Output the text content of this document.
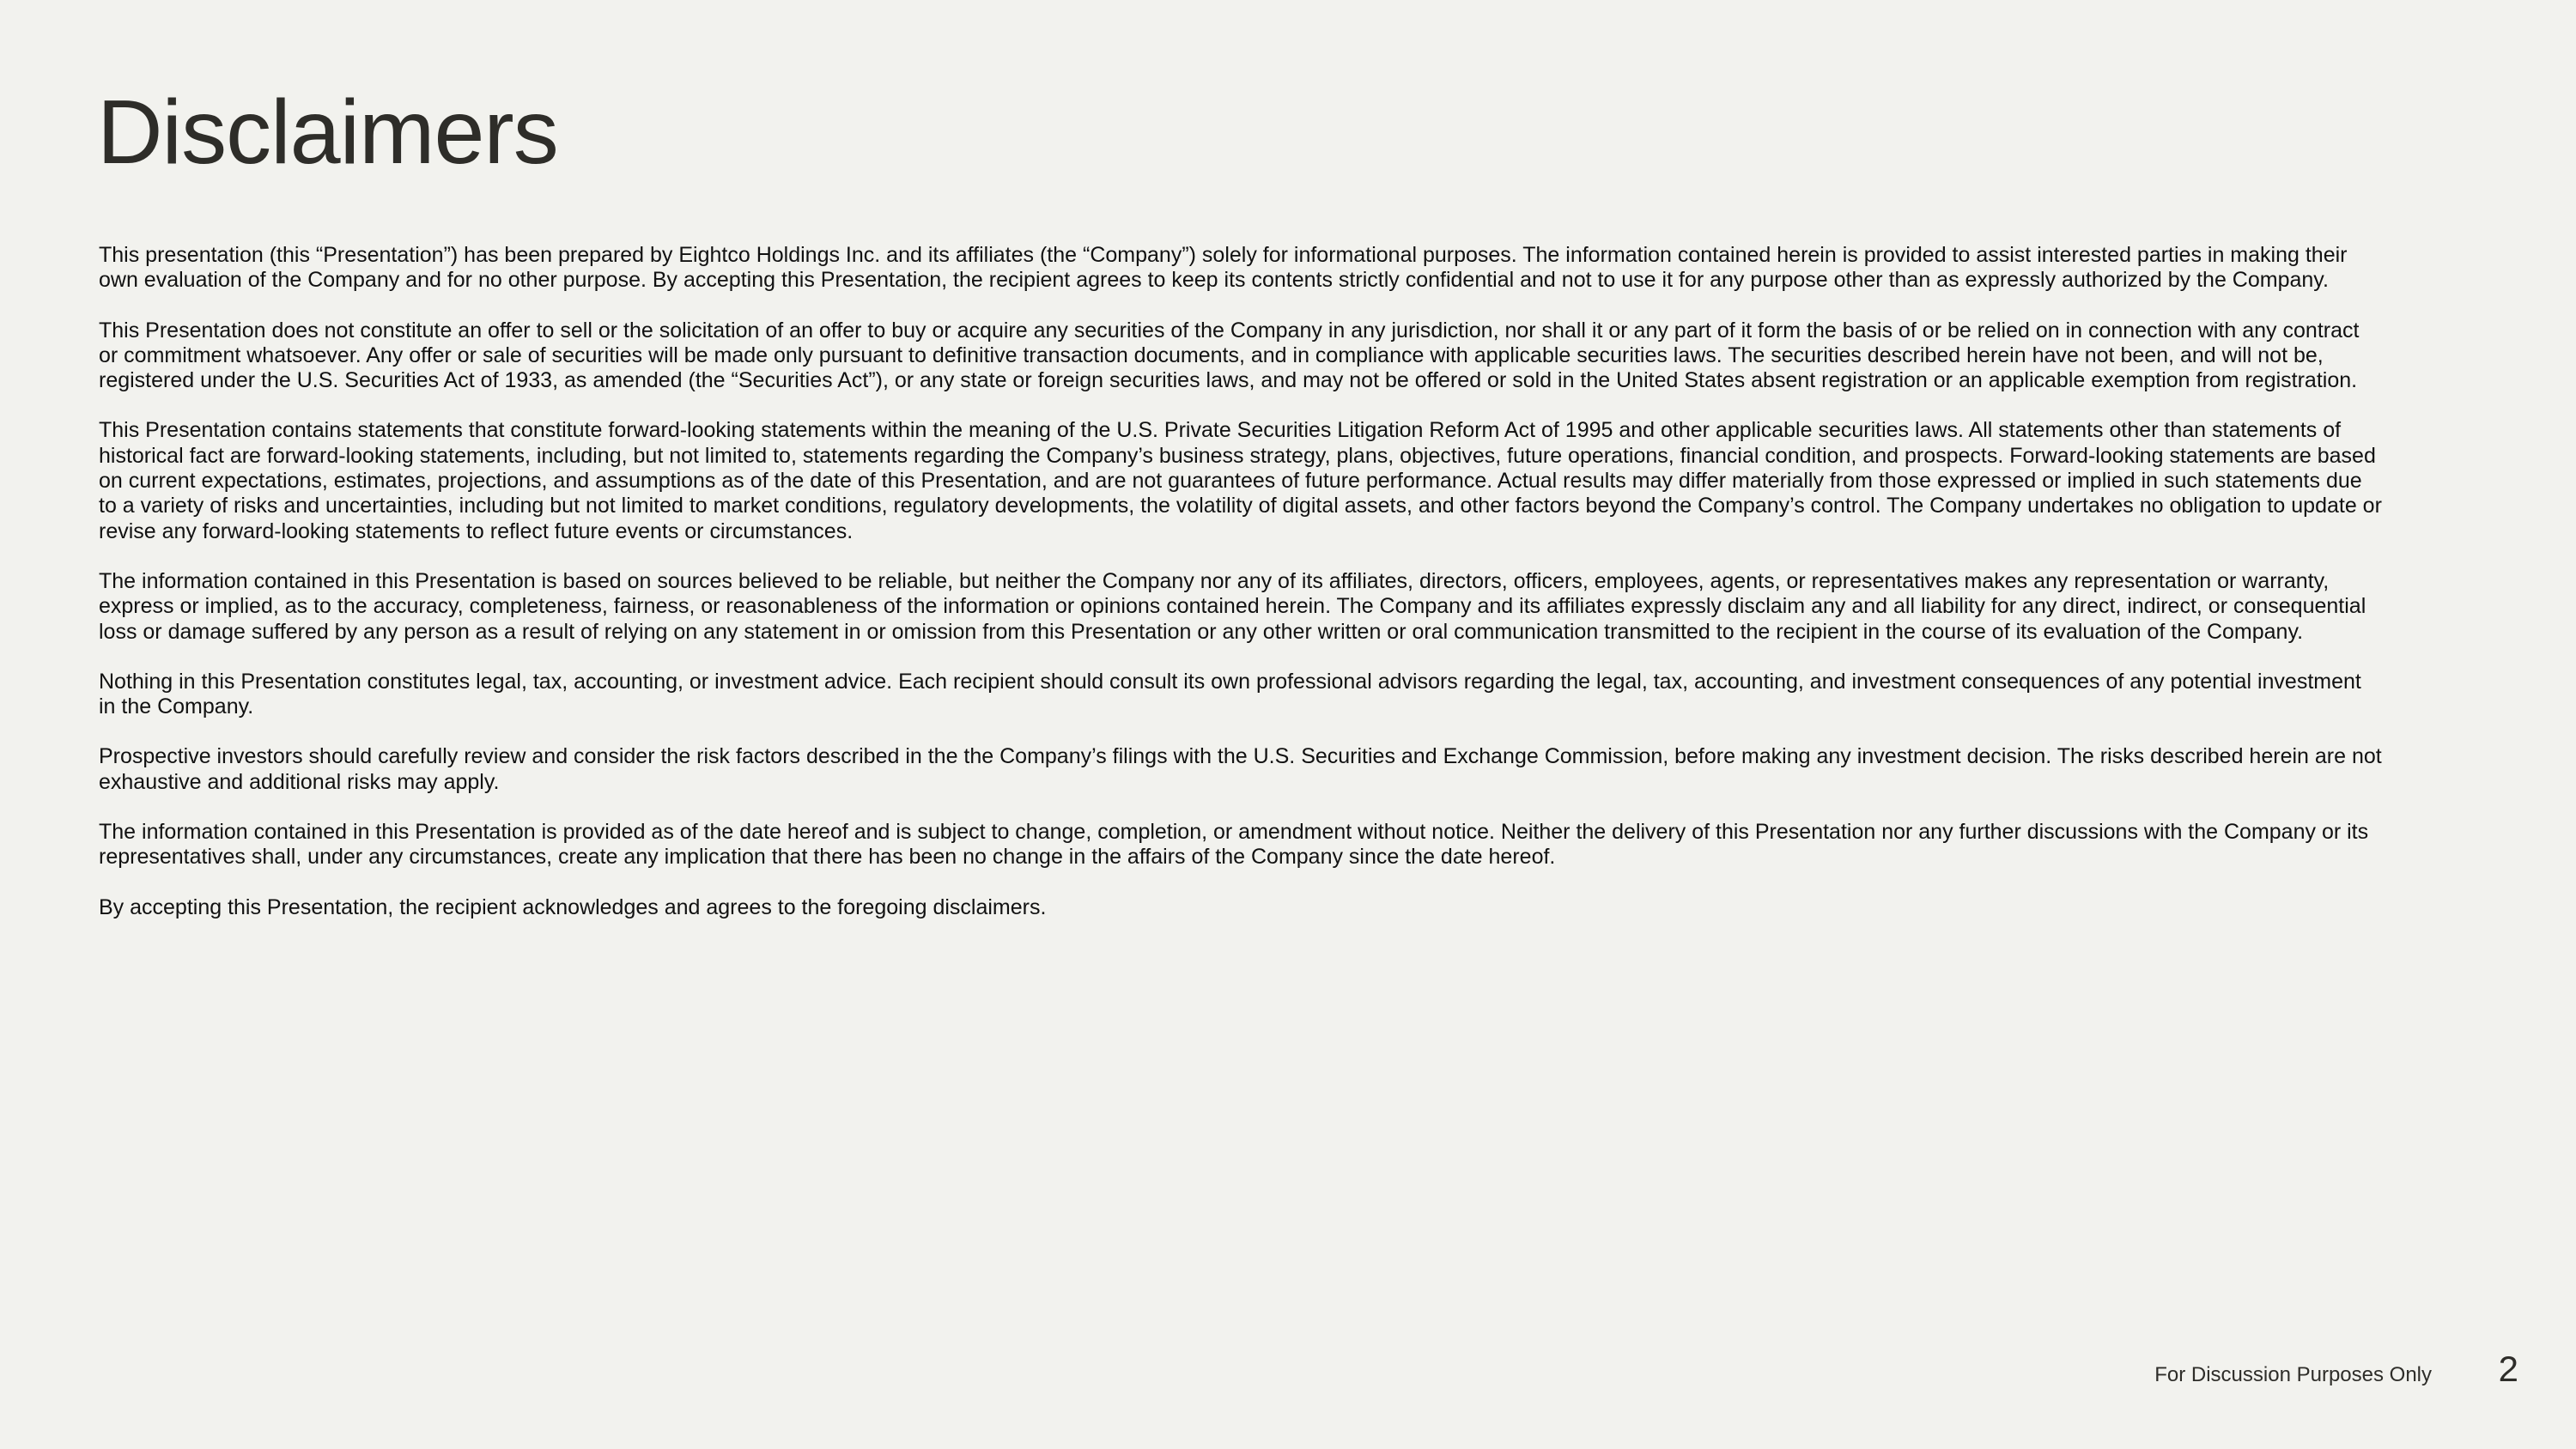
Disclaimers

This presentation (this “Presentation”) has been prepared by Eightco Holdings Inc. and its affiliates (the “Company”) solely for informational purposes. The information contained herein is provided to assist interested parties in making their own evaluation of the Company and for no other purpose. By accepting this Presentation, the recipient agrees to keep its contents strictly confidential and not to use it for any purpose other than as expressly authorized by the Company.

This Presentation does not constitute an offer to sell or the solicitation of an offer to buy or acquire any securities of the Company in any jurisdiction, nor shall it or any part of it form the basis of or be relied on in connection with any contract or commitment whatsoever. Any offer or sale of securities will be made only pursuant to definitive transaction documents, and in compliance with applicable securities laws. The securities described herein have not been, and will not be, registered under the U.S. Securities Act of 1933, as amended (the “Securities Act”), or any state or foreign securities laws, and may not be offered or sold in the United States absent registration or an applicable exemption from registration.

This Presentation contains statements that constitute forward-looking statements within the meaning of the U.S. Private Securities Litigation Reform Act of 1995 and other applicable securities laws. All statements other than statements of historical fact are forward-looking statements, including, but not limited to, statements regarding the Company’s business strategy, plans, objectives, future operations, financial condition, and prospects. Forward-looking statements are based on current expectations, estimates, projections, and assumptions as of the date of this Presentation, and are not guarantees of future performance. Actual results may differ materially from those expressed or implied in such statements due to a variety of risks and uncertainties, including but not limited to market conditions, regulatory developments, the volatility of digital assets, and other factors beyond the Company’s control. The Company undertakes no obligation to update or revise any forward-looking statements to reflect future events or circumstances.

The information contained in this Presentation is based on sources believed to be reliable, but neither the Company nor any of its affiliates, directors, officers, employees, agents, or representatives makes any representation or warranty, express or implied, as to the accuracy, completeness, fairness, or reasonableness of the information or opinions contained herein. The Company and its affiliates expressly disclaim any and all liability for any direct, indirect, or consequential loss or damage suffered by any person as a result of relying on any statement in or omission from this Presentation or any other written or oral communication transmitted to the recipient in the course of its evaluation of the Company.

Nothing in this Presentation constitutes legal, tax, accounting, or investment advice. Each recipient should consult its own professional advisors regarding the legal, tax, accounting, and investment consequences of any potential investment in the Company.

Prospective investors should carefully review and consider the risk factors described in the the Company’s filings with the U.S. Securities and Exchange Commission, before making any investment decision. The risks described herein are not exhaustive and additional risks may apply.

The information contained in this Presentation is provided as of the date hereof and is subject to change, completion, or amendment without notice. Neither the delivery of this Presentation nor any further discussions with the Company or its representatives shall, under any circumstances, create any implication that there has been no change in the affairs of the Company since the date hereof.

By accepting this Presentation, the recipient acknowledges and agrees to the foregoing disclaimers.

For Discussion Purposes Only 2
